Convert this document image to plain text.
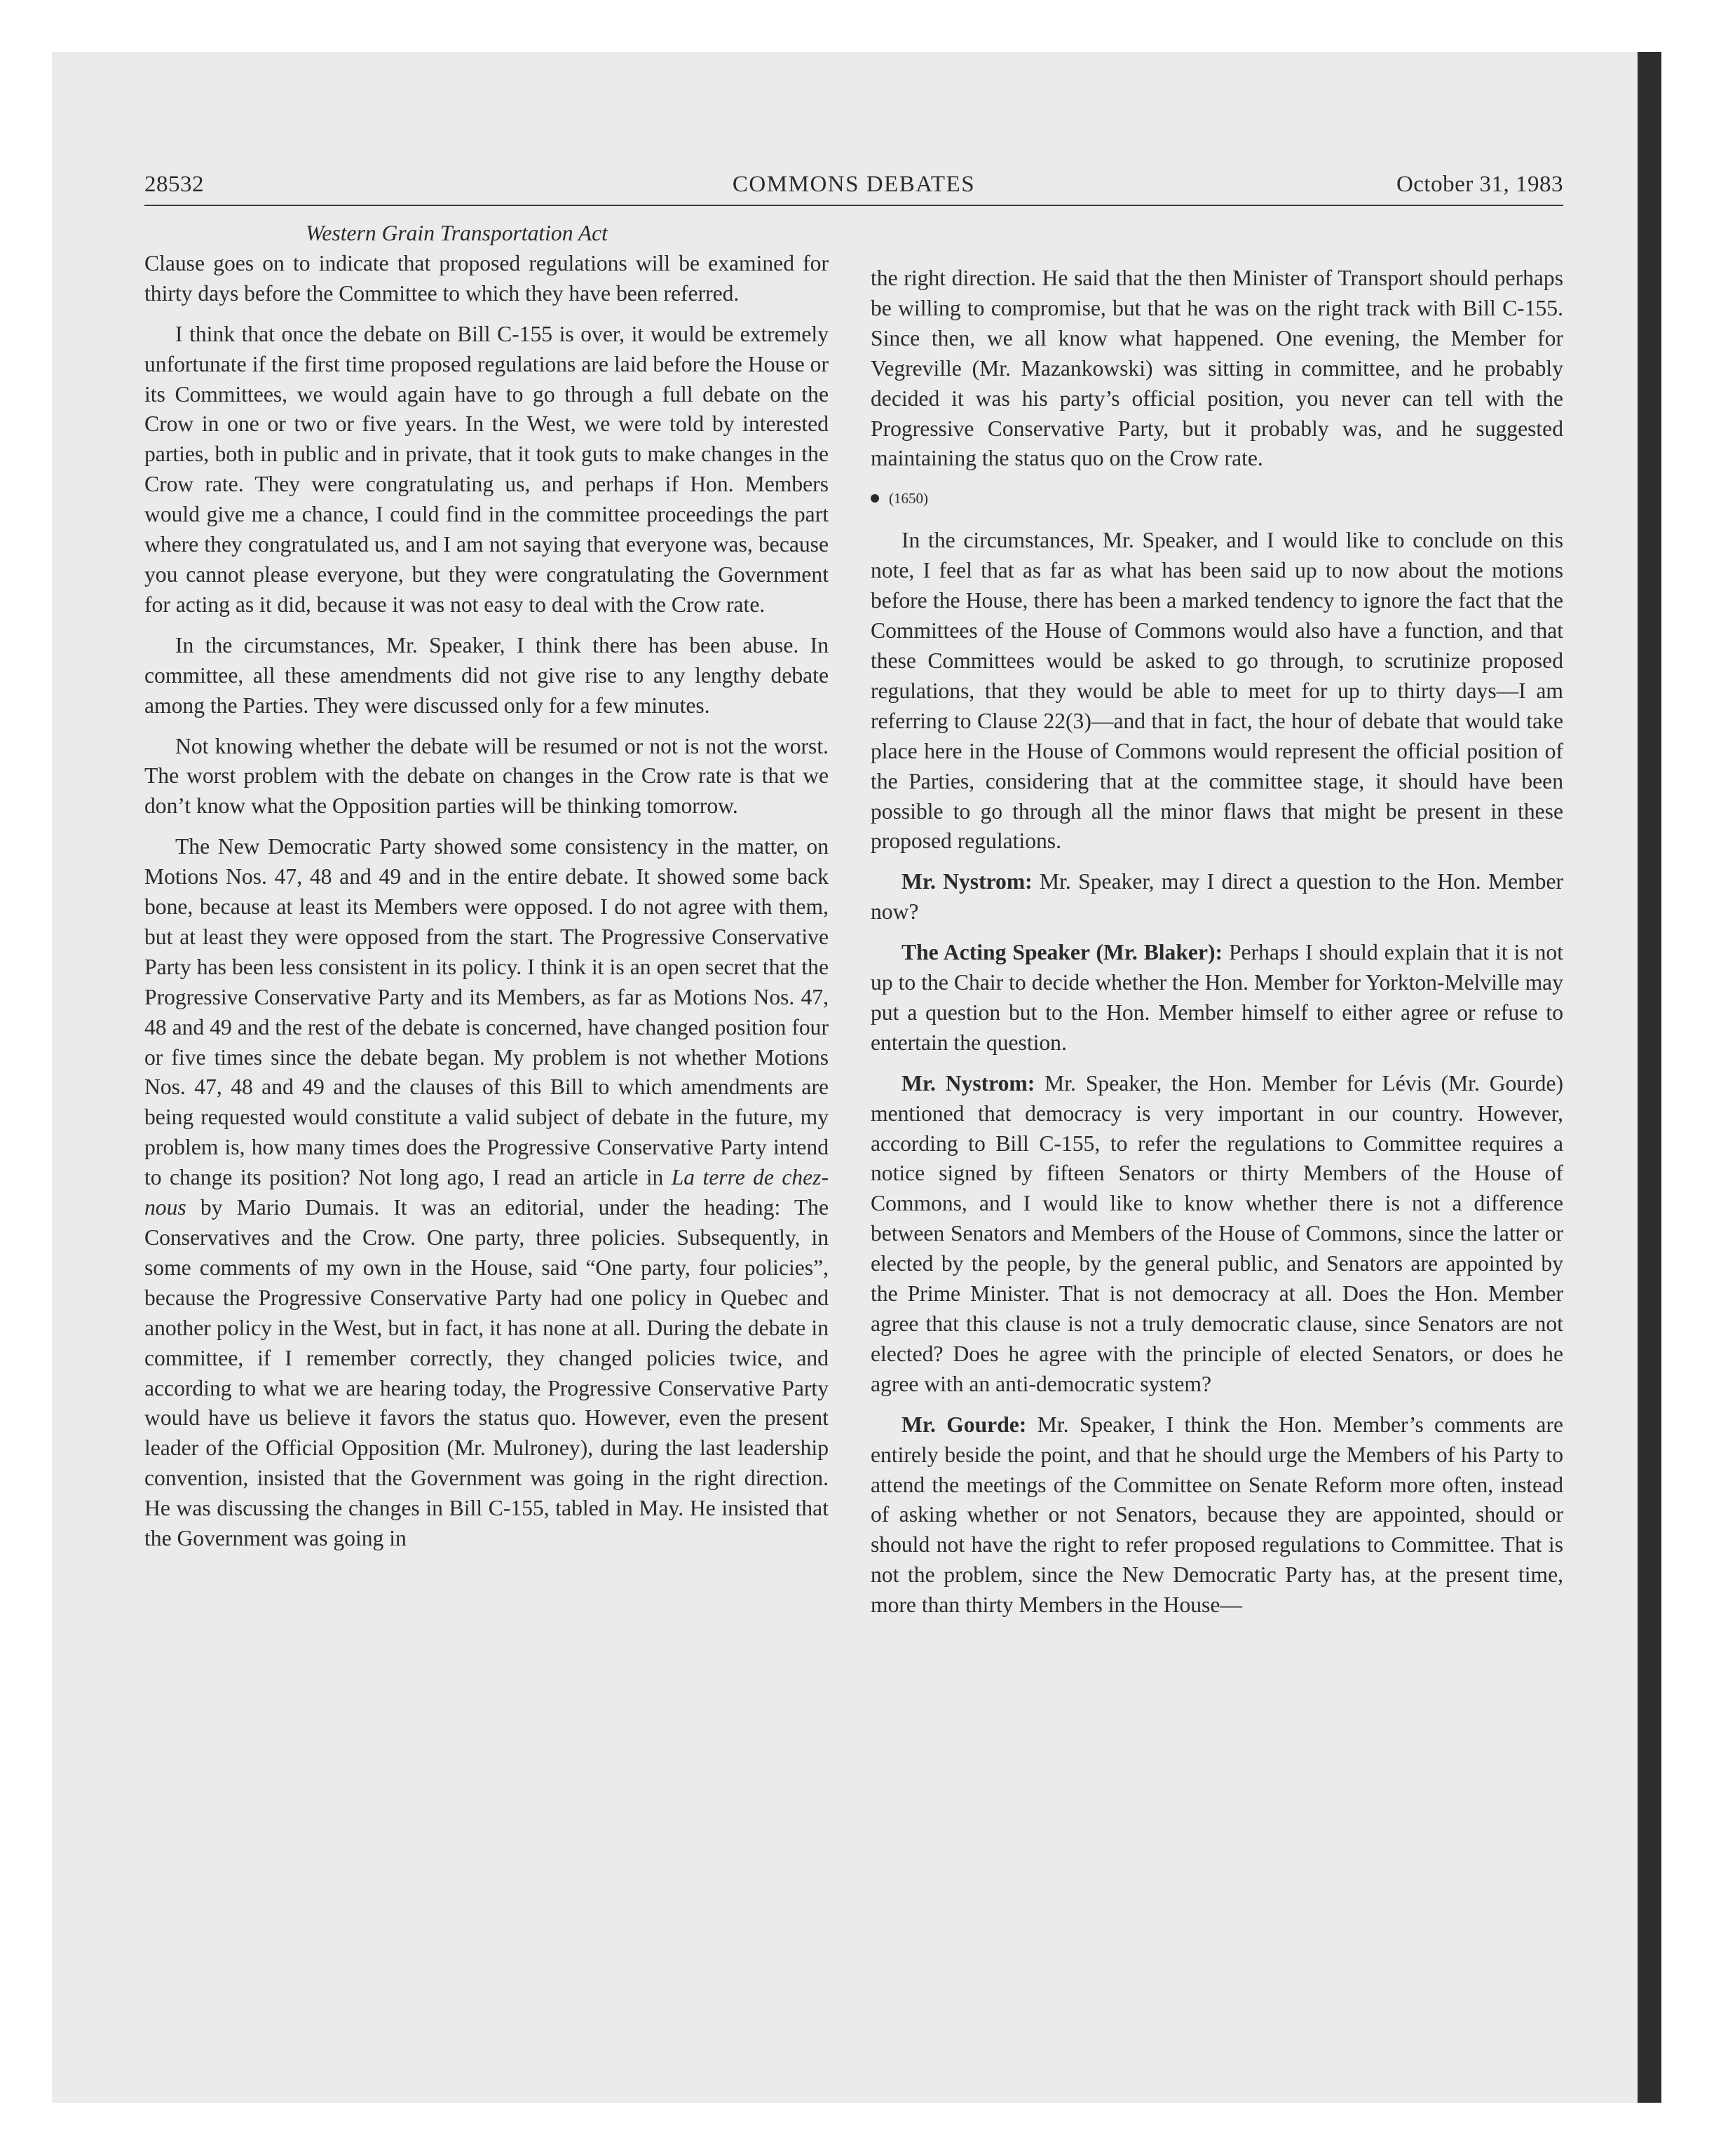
28532	COMMONS DEBATES	October 31, 1983
Western Grain Transportation Act

Clause goes on to indicate that proposed regulations will be examined for thirty days before the Committee to which they have been referred.

I think that once the debate on Bill C-155 is over, it would be extremely unfortunate if the first time proposed regulations are laid before the House or its Committees, we would again have to go through a full debate on the Crow in one or two or five years. In the West, we were told by interested parties, both in public and in private, that it took guts to make changes in the Crow rate. They were congratulating us, and perhaps if Hon. Members would give me a chance, I could find in the committee proceedings the part where they congratulated us, and I am not saying that everyone was, because you cannot please everyone, but they were congratulating the Government for acting as it did, because it was not easy to deal with the Crow rate.

In the circumstances, Mr. Speaker, I think there has been abuse. In committee, all these amendments did not give rise to any lengthy debate among the Parties. They were discussed only for a few minutes.

Not knowing whether the debate will be resumed or not is not the worst. The worst problem with the debate on changes in the Crow rate is that we don’t know what the Opposition parties will be thinking tomorrow.

The New Democratic Party showed some consistency in the matter, on Motions Nos. 47, 48 and 49 and in the entire debate. It showed some back bone, because at least its Members were opposed. I do not agree with them, but at least they were opposed from the start. The Progressive Conservative Party has been less consistent in its policy. I think it is an open secret that the Progressive Conservative Party and its Members, as far as Motions Nos. 47, 48 and 49 and the rest of the debate is concerned, have changed position four or five times since the debate began. My problem is not whether Motions Nos. 47, 48 and 49 and the clauses of this Bill to which amendments are being requested would constitute a valid subject of debate in the future, my problem is, how many times does the Progressive Conservative Party intend to change its position? Not long ago, I read an article in La terre de chez-nous by Mario Dumais. It was an editorial, under the heading: The Conservatives and the Crow. One party, three policies. Subsequently, in some comments of my own in the House, said “One party, four policies”, because the Progressive Conservative Party had one policy in Quebec and another policy in the West, but in fact, it has none at all. During the debate in committee, if I remember correctly, they changed policies twice, and according to what we are hearing today, the Progressive Conservative Party would have us believe it favors the status quo. However, even the present leader of the Official Opposition (Mr. Mulroney), during the last leadership convention, insisted that the Government was going in the right direction. He was discussing the changes in Bill C-155, tabled in May. He insisted that the Government was going in

the right direction. He said that the then Minister of Transport should perhaps be willing to compromise, but that he was on the right track with Bill C-155. Since then, we all know what happened. One evening, the Member for Vegreville (Mr. Mazankowski) was sitting in committee, and he probably decided it was his party’s official position, you never can tell with the Progressive Conservative Party, but it probably was, and he suggested maintaining the status quo on the Crow rate.

(1650)

In the circumstances, Mr. Speaker, and I would like to conclude on this note, I feel that as far as what has been said up to now about the motions before the House, there has been a marked tendency to ignore the fact that the Committees of the House of Commons would also have a function, and that these Committees would be asked to go through, to scrutinize proposed regulations, that they would be able to meet for up to thirty days—I am referring to Clause 22(3)—and that in fact, the hour of debate that would take place here in the House of Commons would represent the official position of the Parties, considering that at the committee stage, it should have been possible to go through all the minor flaws that might be present in these proposed regulations.

Mr. Nystrom: Mr. Speaker, may I direct a question to the Hon. Member now?

The Acting Speaker (Mr. Blaker): Perhaps I should explain that it is not up to the Chair to decide whether the Hon. Member for Yorkton-Melville may put a question but to the Hon. Member himself to either agree or refuse to entertain the question.

Mr. Nystrom: Mr. Speaker, the Hon. Member for Lévis (Mr. Gourde) mentioned that democracy is very important in our country. However, according to Bill C-155, to refer the regulations to Committee requires a notice signed by fifteen Senators or thirty Members of the House of Commons, and I would like to know whether there is not a difference between Senators and Members of the House of Commons, since the latter or elected by the people, by the general public, and Senators are appointed by the Prime Minister. That is not democracy at all. Does the Hon. Member agree that this clause is not a truly democratic clause, since Senators are not elected? Does he agree with the principle of elected Senators, or does he agree with an anti-democratic system?

Mr. Gourde: Mr. Speaker, I think the Hon. Member’s comments are entirely beside the point, and that he should urge the Members of his Party to attend the meetings of the Committee on Senate Reform more often, instead of asking whether or not Senators, because they are appointed, should or should not have the right to refer proposed regulations to Committee. That is not the problem, since the New Democratic Party has, at the present time, more than thirty Members in the House—
